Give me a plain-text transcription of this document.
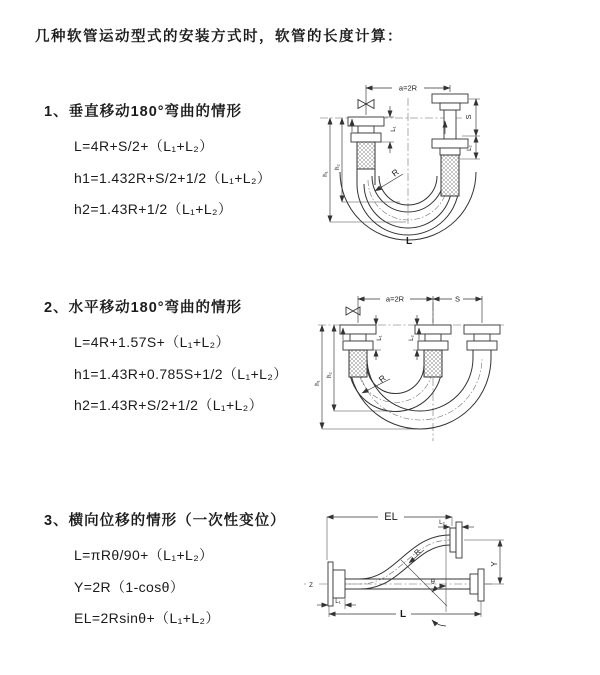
几种软管运动型式的安装方式时，软管的长度计算：
1、垂直移动180°弯曲的情形
L=4R+S/2+（L₁+L₂）
h1=1.432R+S/2+1/2（L₁+L₂）
h2=1.43R+1/2（L₁+L₂）
2、水平移动180°弯曲的情形
L=4R+1.57S+（L₁+L₂）
h1=1.43R+0.785S+1/2（L₁+L₂）
h2=1.43R+S/2+1/2（L₁+L₂）
3、横向位移的情形（一次性变位）
L=πRθ/90+（L₁+L₂）
Y=2R（1-cosθ）
EL=2Rsinθ+（L₁+L₂）
a=2R
S
L₂
L₁
h₁
h₂	R
L
a=2R	S
h₁
h₂
L₁	L₂
R
EL	L₂
Y
θ
R
L
L₁
Z
